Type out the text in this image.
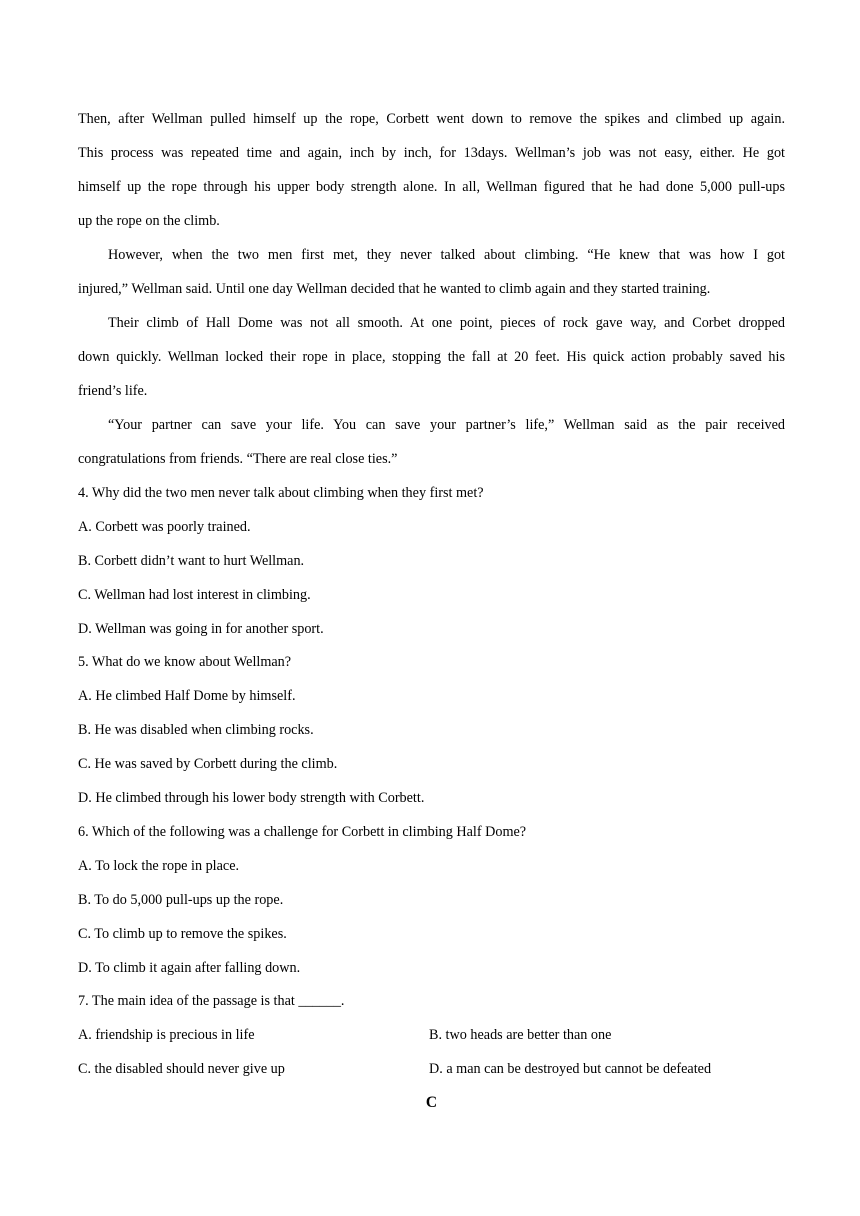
Then, after Wellman pulled himself up the rope, Corbett went down to remove the spikes and climbed up again.
This process was repeated time and again, inch by inch, for 13days. Wellman’s job was not easy, either. He got
himself up the rope through his upper body strength alone. In all, Wellman figured that he had done 5,000 pull-ups
up the rope on the climb.
However, when the two men first met, they never talked about climbing. “He knew that was how I got
injured,” Wellman said. Until one day Wellman decided that he wanted to climb again and they started training.
Their climb of Hall Dome was not all smooth. At one point, pieces of rock gave way, and Corbet dropped
down quickly. Wellman locked their rope in place, stopping the fall at 20 feet. His quick action probably saved his
friend’s life.
“Your partner can save your life. You can save your partner’s life,” Wellman said as the pair received
congratulations from friends. “There are real close ties.”
4. Why did the two men never talk about climbing when they first met?
A. Corbett was poorly trained.
B. Corbett didn’t want to hurt Wellman.
C. Wellman had lost interest in climbing.
D. Wellman was going in for another sport.
5. What do we know about Wellman?
A. He climbed Half Dome by himself.
B. He was disabled when climbing rocks.
C. He was saved by Corbett during the climb.
D. He climbed through his lower body strength with Corbett.
6. Which of the following was a challenge for Corbett in climbing Half Dome?
A. To lock the rope in place.
B. To do 5,000 pull-ups up the rope.
C. To climb up to remove the spikes.
D. To climb it again after falling down.
7. The main idea of the passage is that ______.
A. friendship is precious in life	B. two heads are better than one
C. the disabled should never give up	D. a man can be destroyed but cannot be defeated
C
